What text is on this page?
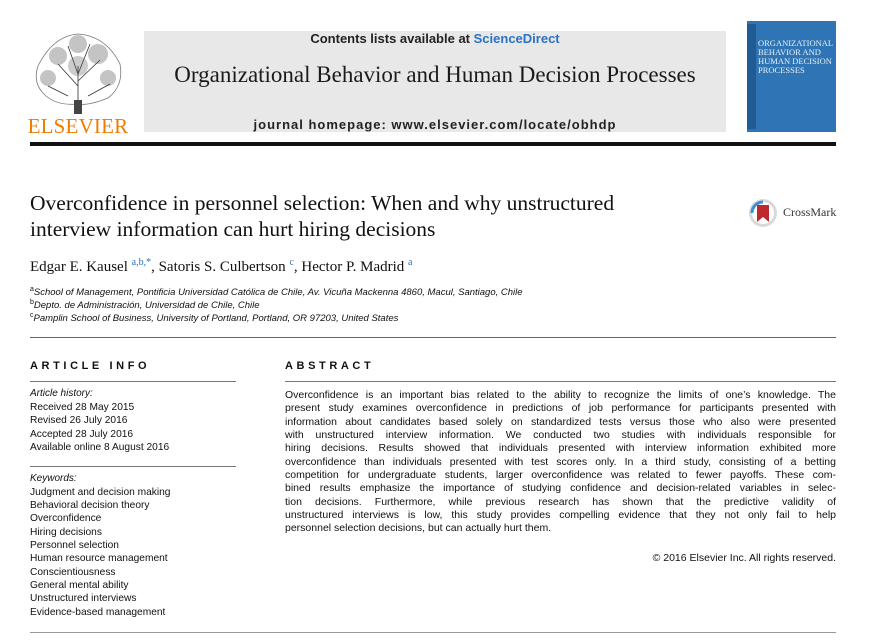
ELSEVIER
Contents lists available at ScienceDirect
Organizational Behavior and Human Decision Processes
journal homepage: www.elsevier.com/locate/obhdp
ORGANIZATIONAL BEHAVIOR AND HUMAN DECISION PROCESSES

Overconfidence in personnel selection: When and why unstructured
interview information can hurt hiring decisions
CrossMark
Edgar E. Kausel $^{a,b,*}$, Satoris S. Culbertson $^c$, Hector P. Madrid $^a$
$^a$School of Management, Pontificia Universidad Católica de Chile, Av. Vicuña Mackenna 4860, Macul, Santiago, Chile
$^b$Depto. de Administración, Universidad de Chile, Chile
$^c$Pamplin School of Business, University of Portland, Portland, OR 97203, United States
ARTICLE INFO
Article history:
Received 28 May 2015
Revised 26 July 2016
Accepted 28 July 2016
Available online 8 August 2016
Keywords:
Judgment and decision making
Behavioral decision theory
Overconfidence
Hiring decisions
Personnel selection
Human resource management
Conscientiousness
General mental ability
Unstructured interviews
Evidence-based management
ABSTRACT
Overconfidence is an important bias related to the ability to recognize the limits of one’s knowledge. The
present study examines overconfidence in predictions of job performance for participants presented with
information about candidates based solely on standardized tests versus those who also were presented
with unstructured interview information. We conducted two studies with individuals responsible for
hiring decisions. Results showed that individuals presented with interview information exhibited more
overconfidence than individuals presented with test scores only. In a third study, consisting of a betting
competition for undergraduate students, larger overconfidence was related to fewer payoffs. These com-
bined results emphasize the importance of studying confidence and decision-related variables in selec-
tion decisions. Furthermore, while previous research has shown that the predictive validity of
unstructured interviews is low, this study provides compelling evidence that they not only fail to help
personnel selection decisions, but can actually hurt them.
© 2016 Elsevier Inc. All rights reserved.
